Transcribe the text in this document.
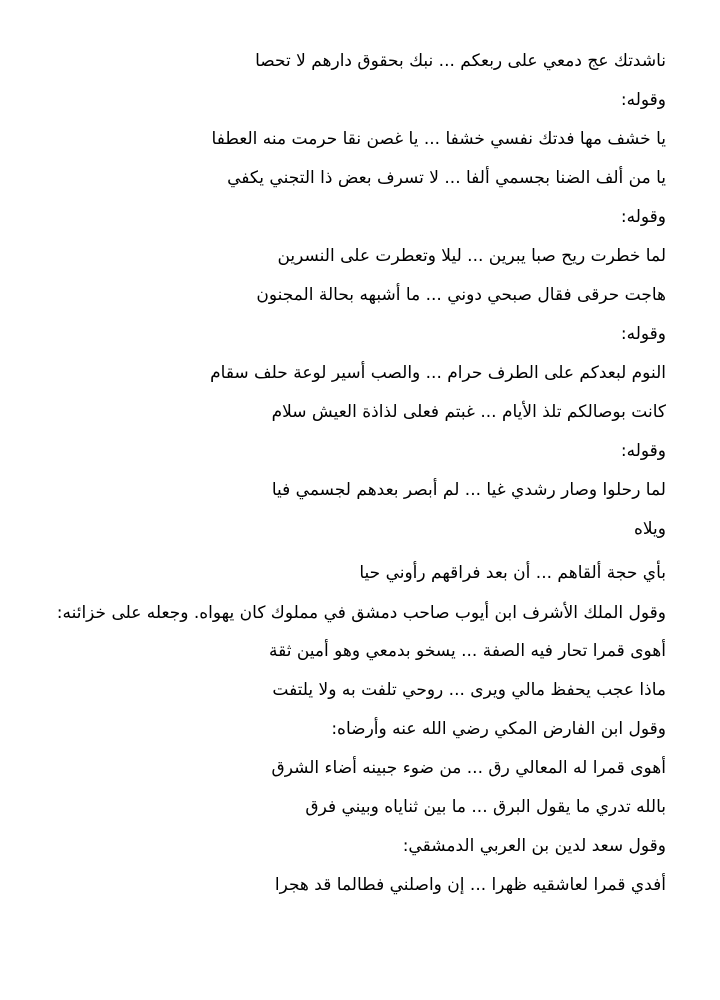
ناشدتك عج دمعي على ربعكم ... نبك بحقوق دارهم لا تحصا
وقوله:
يا خشف مها فدتك نفسي خشفا ... يا غصن نقا حرمت منه العطفا
يا من ألف الضنا بجسمي ألفا ... لا تسرف بعض ذا التجني يكفي
وقوله:
لما خطرت ريح صبا يبرين ... ليلا وتعطرت على النسرين
هاجت حرقى فقال صبحي دوني ... ما أشبهه بحالة المجنون
وقوله:
النوم لبعدكم على الطرف حرام ... والصب أسير لوعة حلف سقام
كانت بوصالكم تلذ الأيام ... غبتم فعلى لذاذة العيش سلام
وقوله:
لما رحلوا وصار رشدي غيا ... لم أبصر بعدهم لجسمي فيا
ويلاه
بأي حجة ألقاهم ... أن بعد فراقهم رأوني حيا
وقول الملك الأشرف ابن أيوب صاحب دمشق في مملوك كان يهواه. وجعله على خزائنه:
أهوى قمرا تحار فيه الصفة ... يسخو بدمعي وهو أمين ثقة
ماذا عجب يحفظ مالي ويرى ... روحي تلفت به ولا يلتفت
وقول ابن الفارض المكي رضي الله عنه وأرضاه:
أهوى قمرا له المعالي رق ... من ضوء جبينه أضاء الشرق
بالله تدري ما يقول البرق ... ما بين ثناياه وبيني فرق
وقول سعد لدين بن العربي الدمشقي:
أفدي قمرا لعاشقيه ظهرا ... إن واصلني فطالما قد هجرا
